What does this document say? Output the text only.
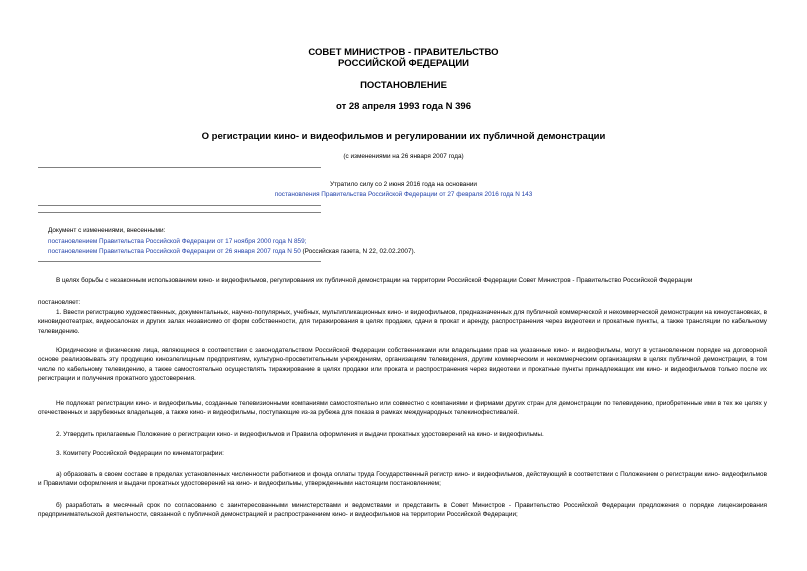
СОВЕТ МИНИСТРОВ - ПРАВИТЕЛЬСТВО
РОССИЙСКОЙ ФЕДЕРАЦИИ
ПОСТАНОВЛЕНИЕ
от 28 апреля 1993 года N 396
О регистрации кино- и видеофильмов и регулировании их публичной демонстрации
(с изменениями на 26 января 2007 года)
Утратило силу со 2 июня 2016 года на основании
постановления Правительства Российской Федерации от 27 февраля 2016 года N 143
Документ с изменениями, внесенными:
постановлением Правительства Российской Федерации от 17 ноября 2000 года N 859;
постановлением Правительства Российской Федерации от 26 января 2007 года N 50 (Российская газета, N 22, 02.02.2007).
В целях борьбы с незаконным использованием кино- и видеофильмов, регулирования их публичной демонстрации на территории Российской Федерации Совет Министров - Правительство Российской Федерации
постановляет:
1. Ввести регистрацию художественных, документальных, научно-популярных, учебных, мультипликационных кино- и видеофильмов, предназначенных для публичной коммерческой и некоммерческой демонстрации на киноустановках, в киновидеотеатрах, видеосалонах и других залах независимо от форм собственности, для тиражирования в целях продажи, сдачи в прокат и аренду, распространения через видеотеки и прокатные пункты, а также трансляции по кабельному телевидению.
Юридические и физические лица, являющиеся в соответствии с законодательством Российской Федерации собственниками или владельцами прав на указанные кино- и видеофильмы, могут в установленном порядке на договорной основе реализовывать эту продукцию киноэлелищным предприятиям, культурно-просветительным учреждениям, организациям телевидения, другим коммерческим и некоммерческим организациям в целях публичной демонстрации, в том числе по кабельному телевидению, а также самостоятельно осуществлять тиражирование в целях продажи или проката и распространения через видеотеки и прокатные пункты принадлежащих им кино- и видеофильмов только после их регистрации и получения прокатного удостоверения.
Не подлежат регистрации кино- и видеофильмы, созданные телевизионными компаниями самостоятельно или совместно с компаниями и фирмами других стран для демонстрации по телевидению, приобретенные ими в тех же целях у отечественных и зарубежных владельцев, а также кино- и видеофильмы, поступающие из-за рубежа для показа в рамках международных телекинофестивалей.
2. Утвердить прилагаемые Положение о регистрации кино- и видеофильмов и Правила оформления и выдачи прокатных удостоверений на кино- и видеофильмы.
3. Комитету Российской Федерации по кинематографии:
а) образовать в своем составе в пределах установленных численности работников и фонда оплаты труда Государственный регистр кино- и видеофильмов, действующий в соответствии с Положением о регистрации кино- видеофильмов и Правилами оформления и выдачи прокатных удостоверений на кино- и видеофильмы, утвержденными настоящим постановлением;
б) разработать в месячный срок по согласованию с заинтересованными министерствами и ведомствами и представить в Совет Министров - Правительство Российской Федерации предложения о порядке лицензирования предпринимательской деятельности, связанной с публичной демонстрацией и распространением кино- и видеофильмов на территории Российской Федерации;
